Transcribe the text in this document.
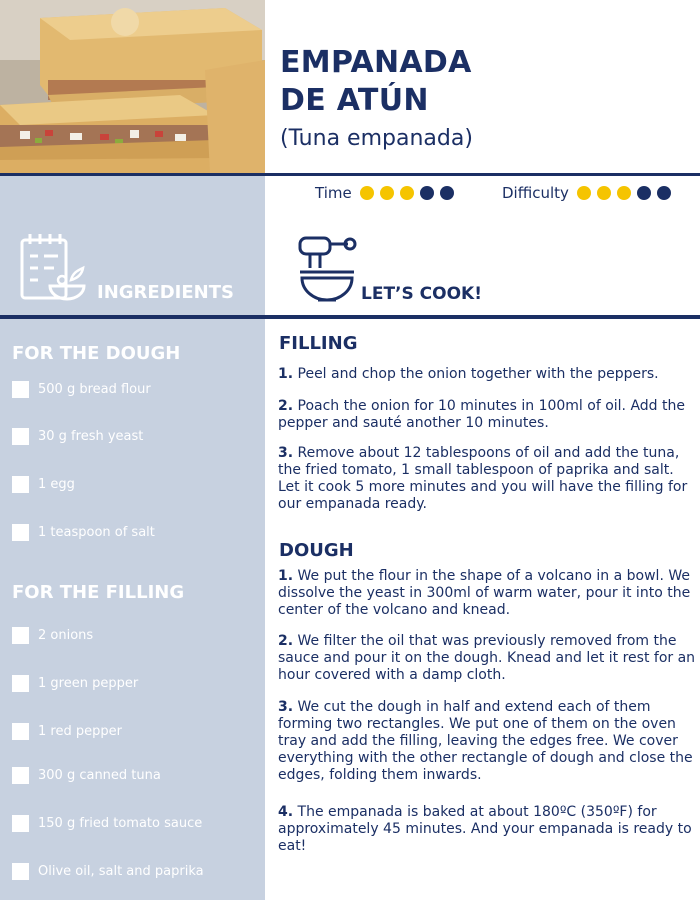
EMPANADA
DE ATÚN
(Tuna empanada)
Time	Difficulty
INGREDIENTS	LET’S COOK!
FOR THE DOUGH
500 g bread flour
30 g fresh yeast
1 egg
1 teaspoon of salt
FOR THE FILLING
2 onions
1 green pepper
1 red pepper
300 g canned tuna
150 g fried tomato sauce
Olive oil, salt and paprika
FILLING

1. Peel and chop the onion together with the peppers.

2. Poach the onion for 10 minutes in 100ml of oil. Add the pepper and sauté another 10 minutes.

3. Remove about 12 tablespoons of oil and add the tuna, the fried tomato, 1 small tablespoon of paprika and salt. Let it cook 5 more minutes and you will have the filling for our empanada ready.

DOUGH

1. We put the flour in the shape of a volcano in a bowl. We dissolve the yeast in 300ml of warm water, pour it into the center of the volcano and knead.

2. We filter the oil that was previously removed from the sauce and pour it on the dough. Knead and let it rest for an hour covered with a damp cloth.

3. We cut the dough in half and extend each of them forming two rectangles. We put one of them on the oven tray and add the filling, leaving the edges free. We cover everything with the other rectangle of dough and close the edges, folding them inwards.

4. The empanada is baked at about 180ºC (350ºF) for approximately 45 minutes. And your empanada is ready to eat!
